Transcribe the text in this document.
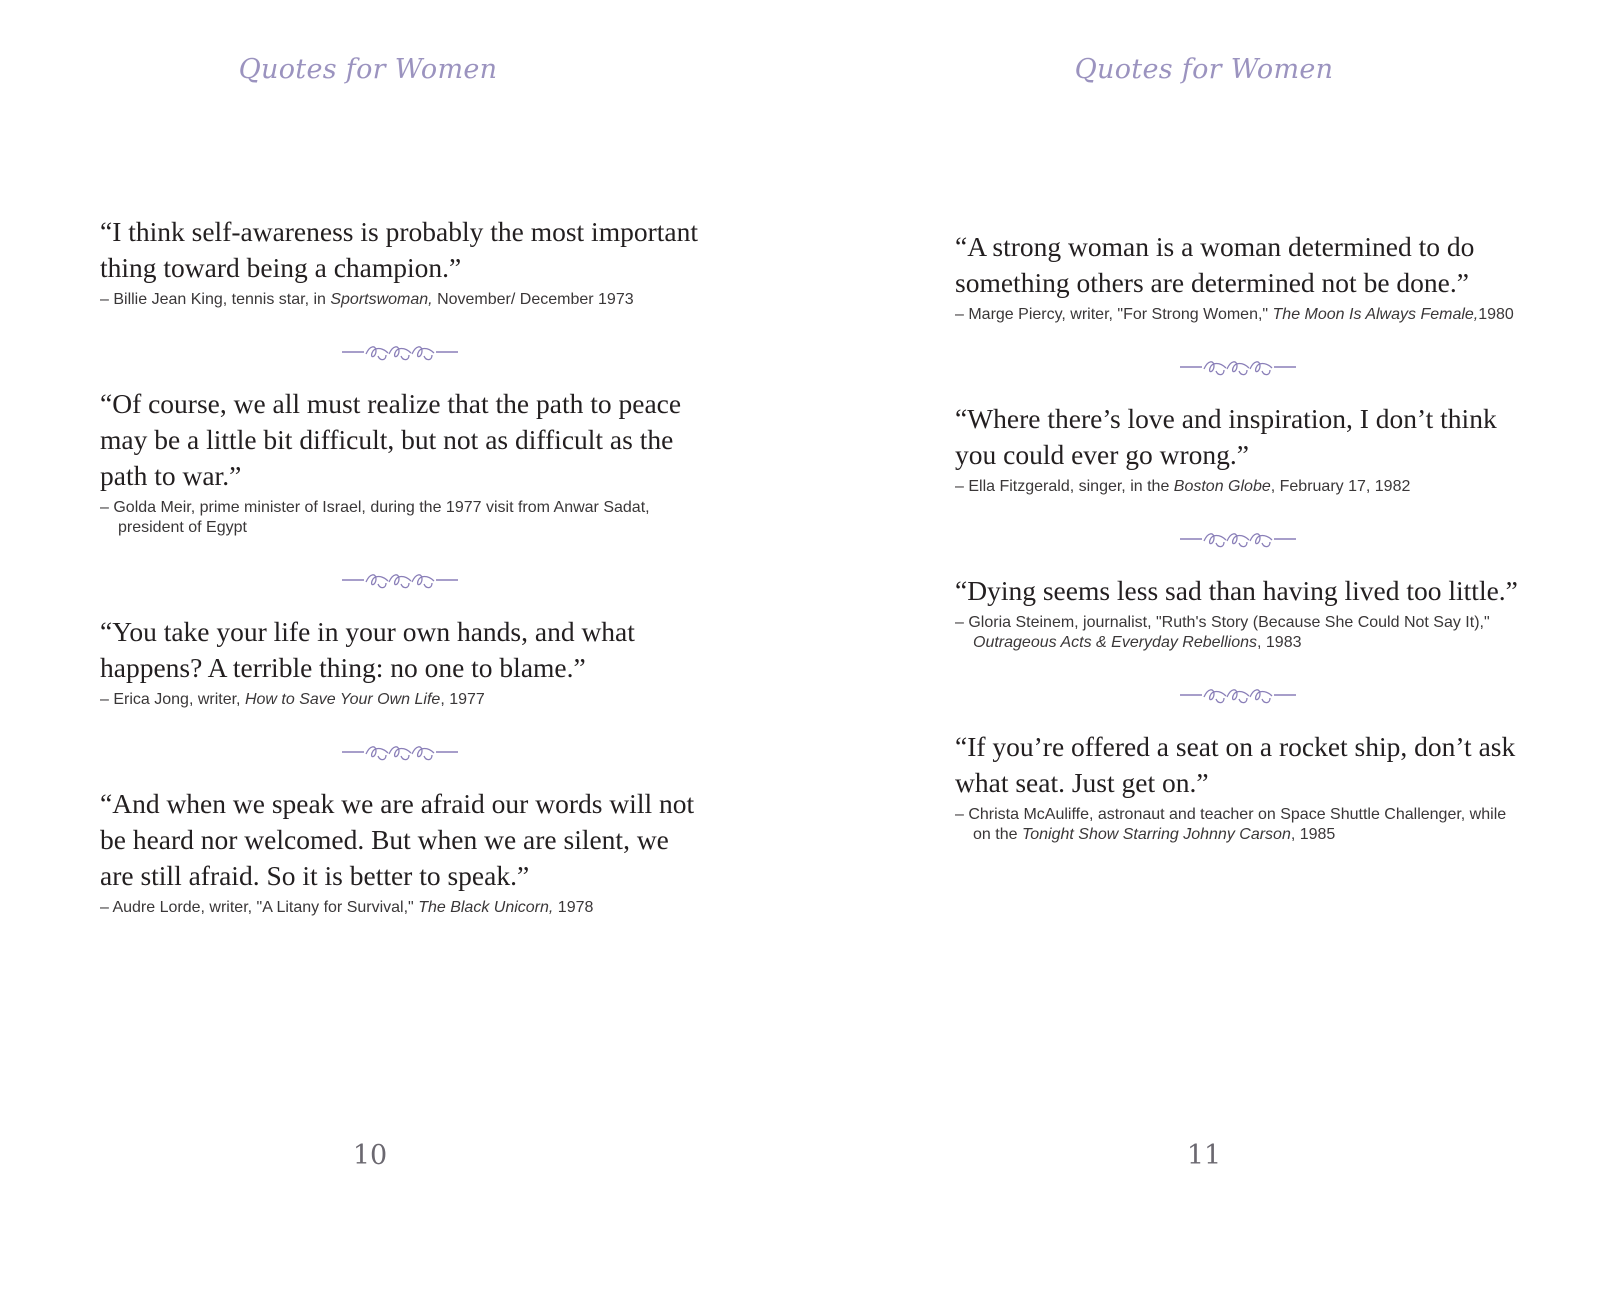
Quotes for Women

“I think self-awareness is probably the most important thing toward being a champion.”

– Billie Jean King, tennis star, in Sportswoman, November/ December 1973

“Of course, we all must realize that the path to peace may be a little bit difficult, but not as difficult as the path to war.”

– Golda Meir, prime minister of Israel, during the 1977 visit from Anwar Sadat, president of Egypt

“You take your life in your own hands, and what happens? A terrible thing: no one to blame.”

– Erica Jong, writer, How to Save Your Own Life, 1977

“And when we speak we are afraid our words will not be heard nor welcomed. But when we are silent, we are still afraid. So it is better to speak.”

– Audre Lorde, writer, "A Litany for Survival," The Black Unicorn, 1978
10
Quotes for Women

“A strong woman is a woman determined to do something others are determined not be done.”

– Marge Piercy, writer, "For Strong Women," The Moon Is Always Female,1980

“Where there’s love and inspiration, I don’t think you could ever go wrong.”

– Ella Fitzgerald, singer, in the Boston Globe, February 17, 1982

“Dying seems less sad than having lived too little.”

– Gloria Steinem, journalist, "Ruth's Story (Because She Could Not Say It)," Outrageous Acts & Everyday Rebellions, 1983

“If you’re offered a seat on a rocket ship, don’t ask what seat. Just get on.”

– Christa McAuliffe, astronaut and teacher on Space Shuttle Challenger, while on the Tonight Show Starring Johnny Carson, 1985
11
